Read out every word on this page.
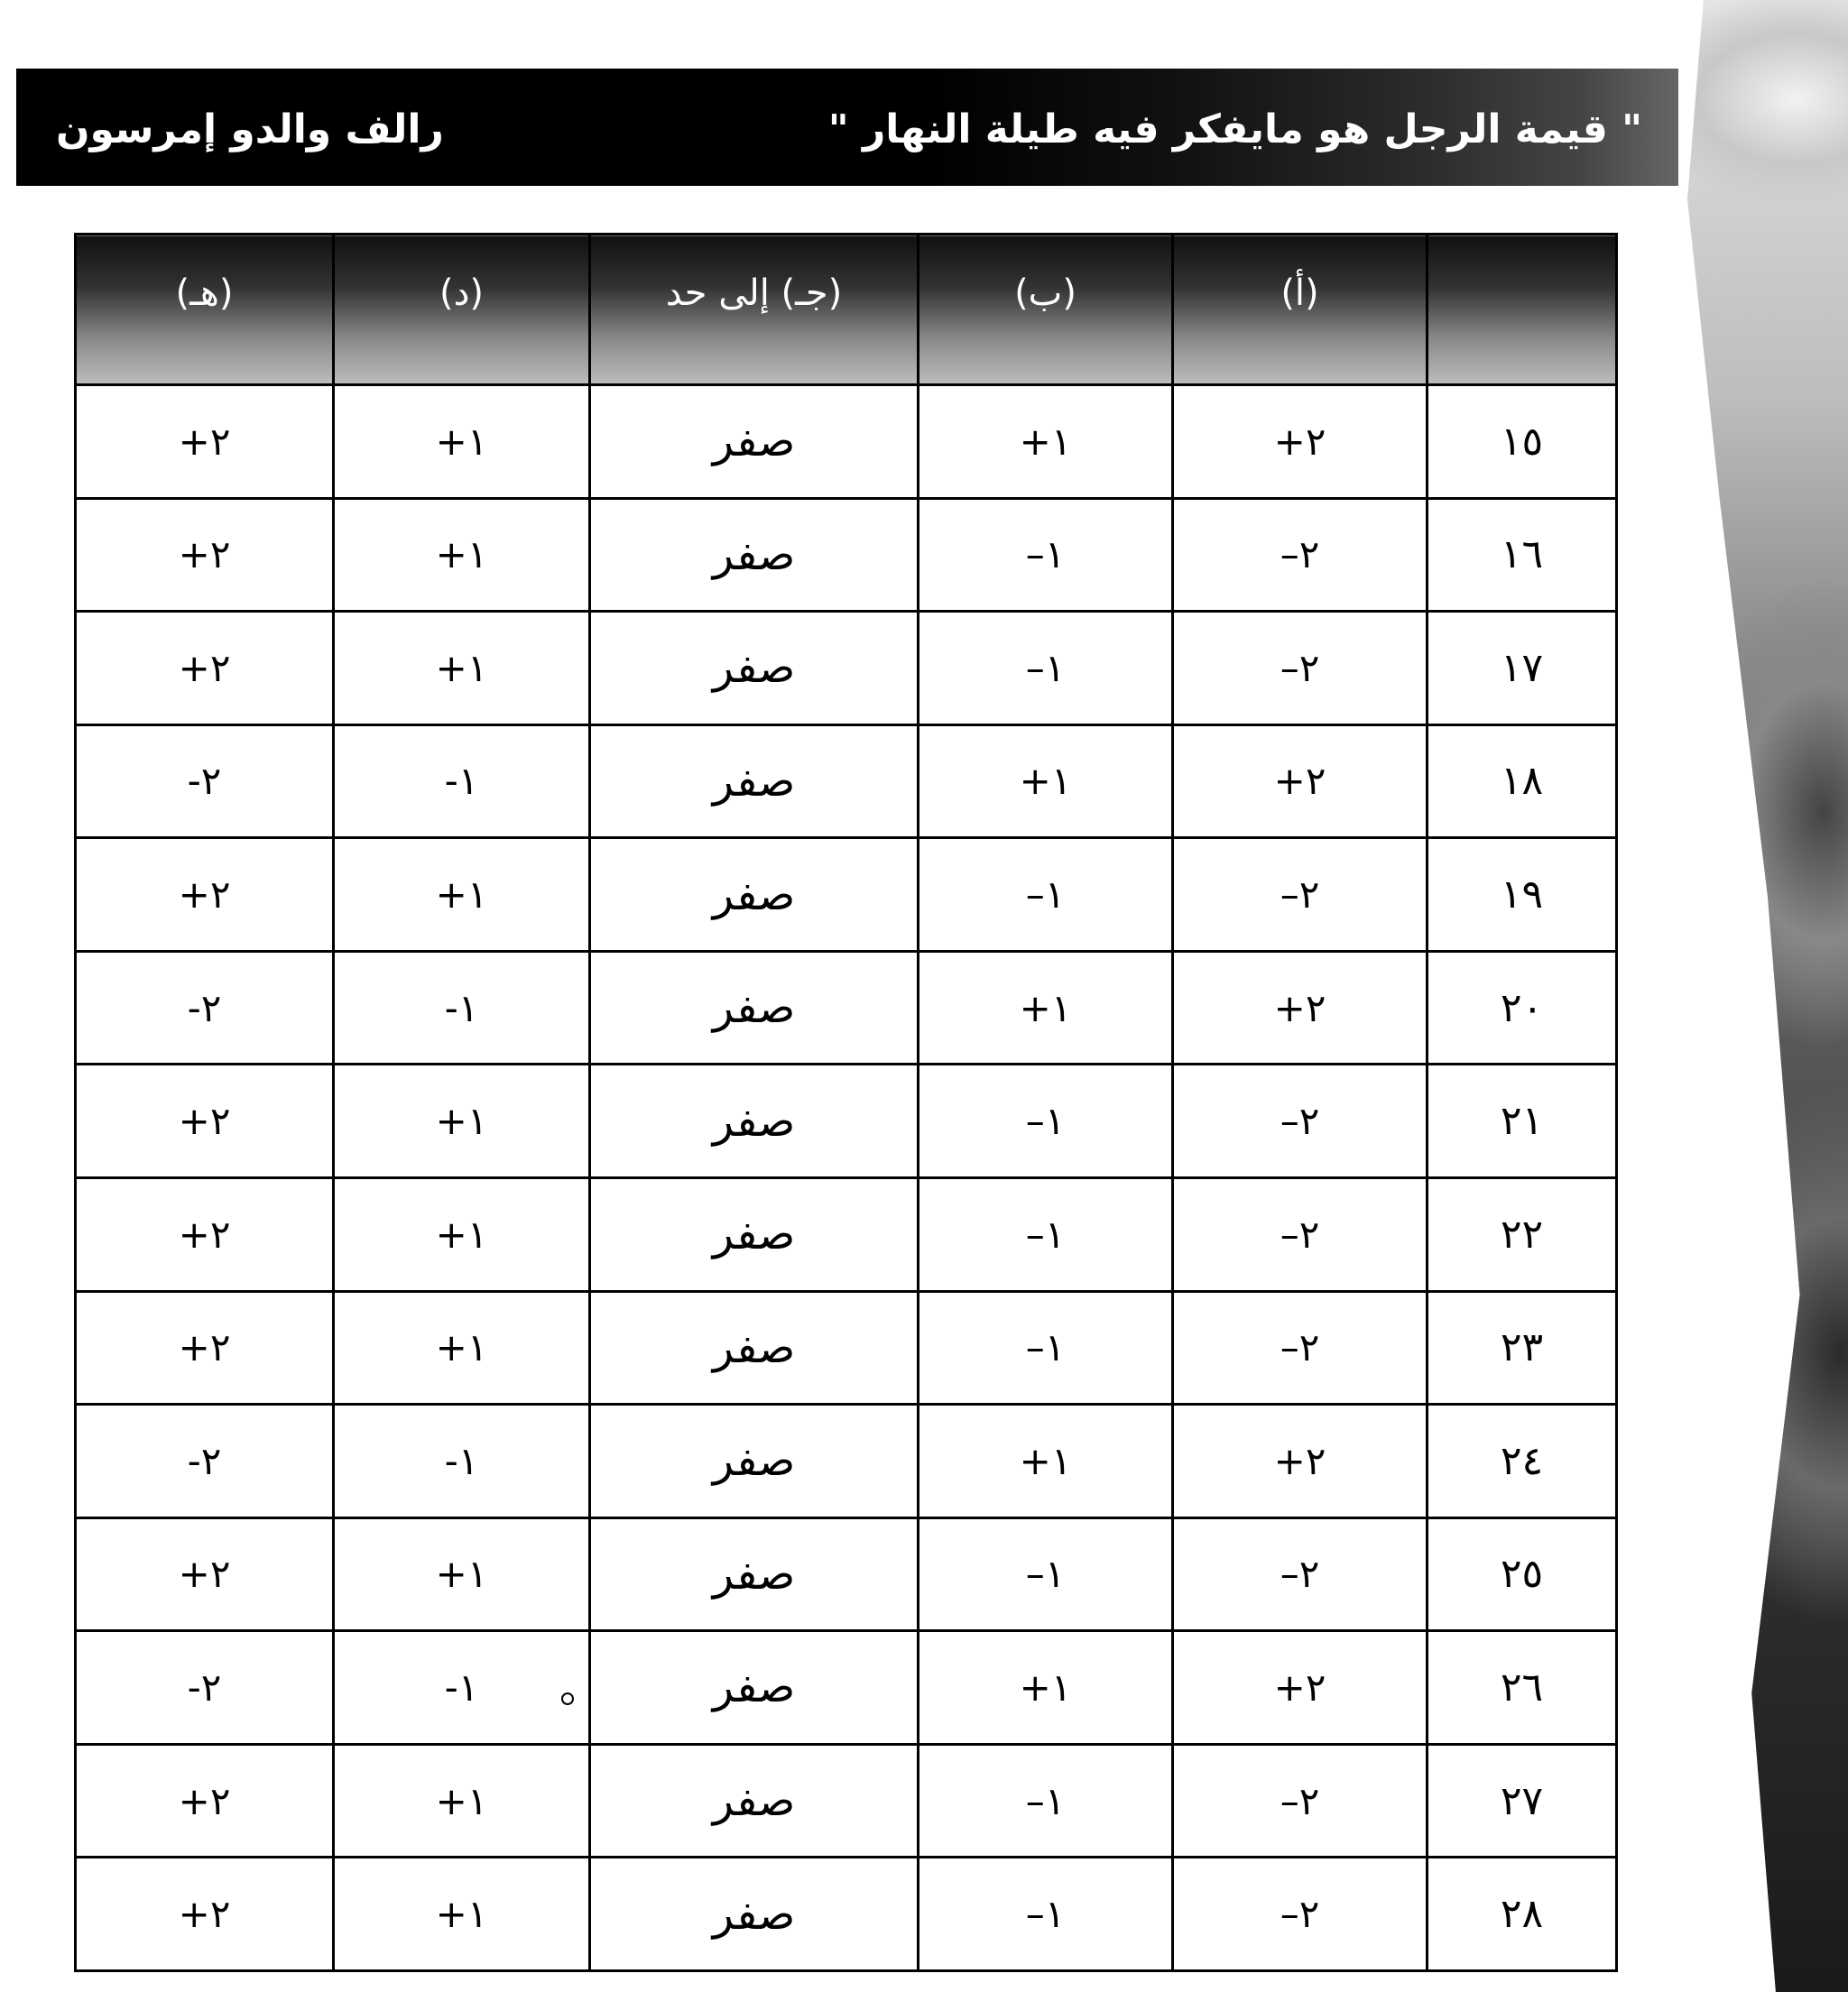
" قيمة الرجل هو مايفكر فيه طيلة النهار "
رالف والدو إمرسون

	(أ)	(ب)	(جـ) إلى حد	(د)	(هـ)

١٥	٢+	١+	صفر	١+	٢+
١٦	٢–	١–	صفر	١+	٢+
١٧	٢–	١–	صفر	١+	٢+
١٨	٢+	١+	صفر	١-	٢-
١٩	٢–	١–	صفر	١+	٢+
٢٠	٢+	١+	صفر	١-	٢-
٢١	٢–	١–	صفر	١+	٢+
٢٢	٢–	١–	صفر	١+	٢+
٢٣	٢–	١–	صفر	١+	٢+
٢٤	٢+	١+	صفر	١-	٢-
٢٥	٢–	١–	صفر	١+	٢+
٢٦	٢+	١+	صفر	١-	٢-
٢٧	٢–	١–	صفر	١+	٢+
٢٨	٢–	١–	صفر	١+	٢+
